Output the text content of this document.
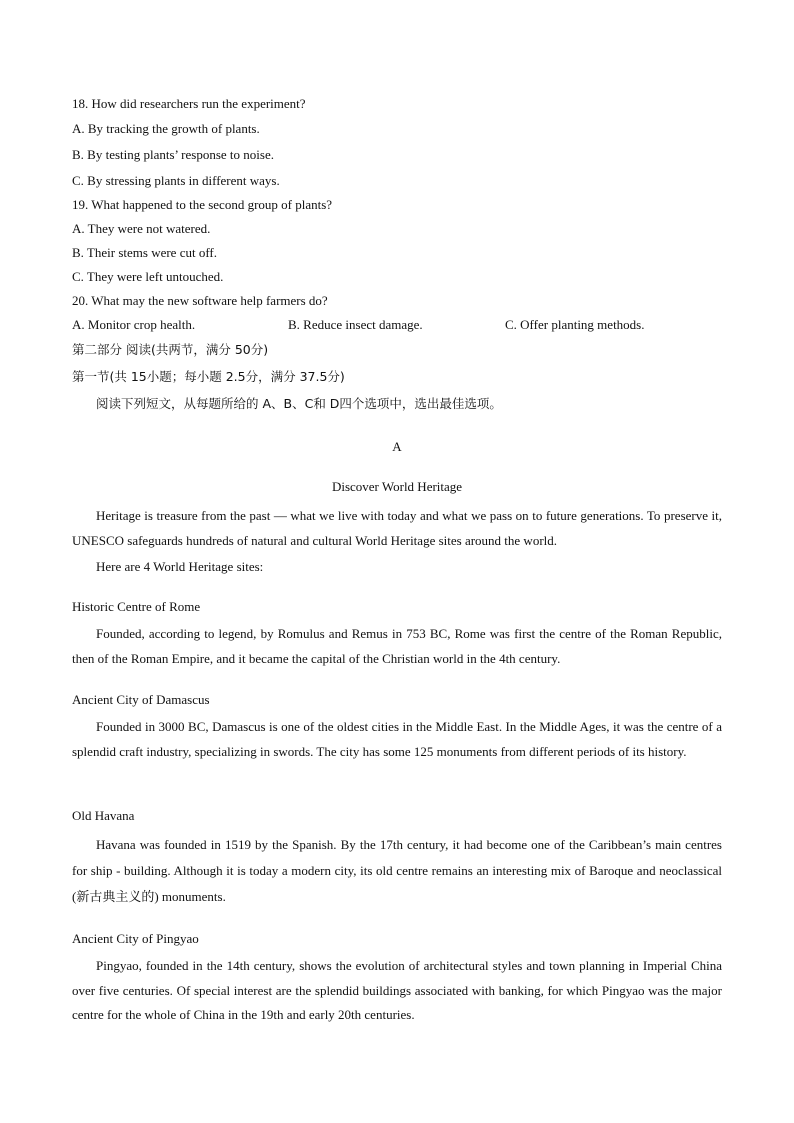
18. How did researchers run the experiment?
A. By tracking the growth of plants.
B. By testing plants’ response to noise.
C. By stressing plants in different ways.
19. What happened to the second group of plants?
A. They were not watered.
B. Their stems were cut off.
C. They were left untouched.
20. What may the new software help farmers do?
A. Monitor crop health.	B. Reduce insect damage.	C. Offer planting methods.
第二部分 阅读(共两节，满分 50分)
第一节(共 15小题；每小题 2.5分，满分 37.5分)
阅读下列短文，从每题所给的 A、B、C和 D四个选项中，选出最佳选项。
A
Discover World Heritage

Heritage is treasure from the past — what we live with today and what we pass on to future generations. To preserve it, UNESCO safeguards hundreds of natural and cultural World Heritage sites around the world.

Here are 4 World Heritage sites:
Historic Centre of Rome

Founded, according to legend, by Romulus and Remus in 753 BC, Rome was first the centre of the Roman Republic, then of the Roman Empire, and it became the capital of the Christian world in the 4th century.

Ancient City of Damascus

Founded in 3000 BC, Damascus is one of the oldest cities in the Middle East. In the Middle Ages, it was the centre of a splendid craft industry, specializing in swords. The city has some 125 monuments from different periods of its history.

Old Havana

Havana was founded in 1519 by the Spanish. By the 17th century, it had become one of the Caribbean’s main centres for ship - building. Although it is today a modern city, its old centre remains an interesting mix of Baroque and neoclassical (新古典主义的) monuments.

Ancient City of Pingyao

Pingyao, founded in the 14th century, shows the evolution of architectural styles and town planning in Imperial China over five centuries. Of special interest are the splendid buildings associated with banking, for which Pingyao was the major centre for the whole of China in the 19th and early 20th centuries.
